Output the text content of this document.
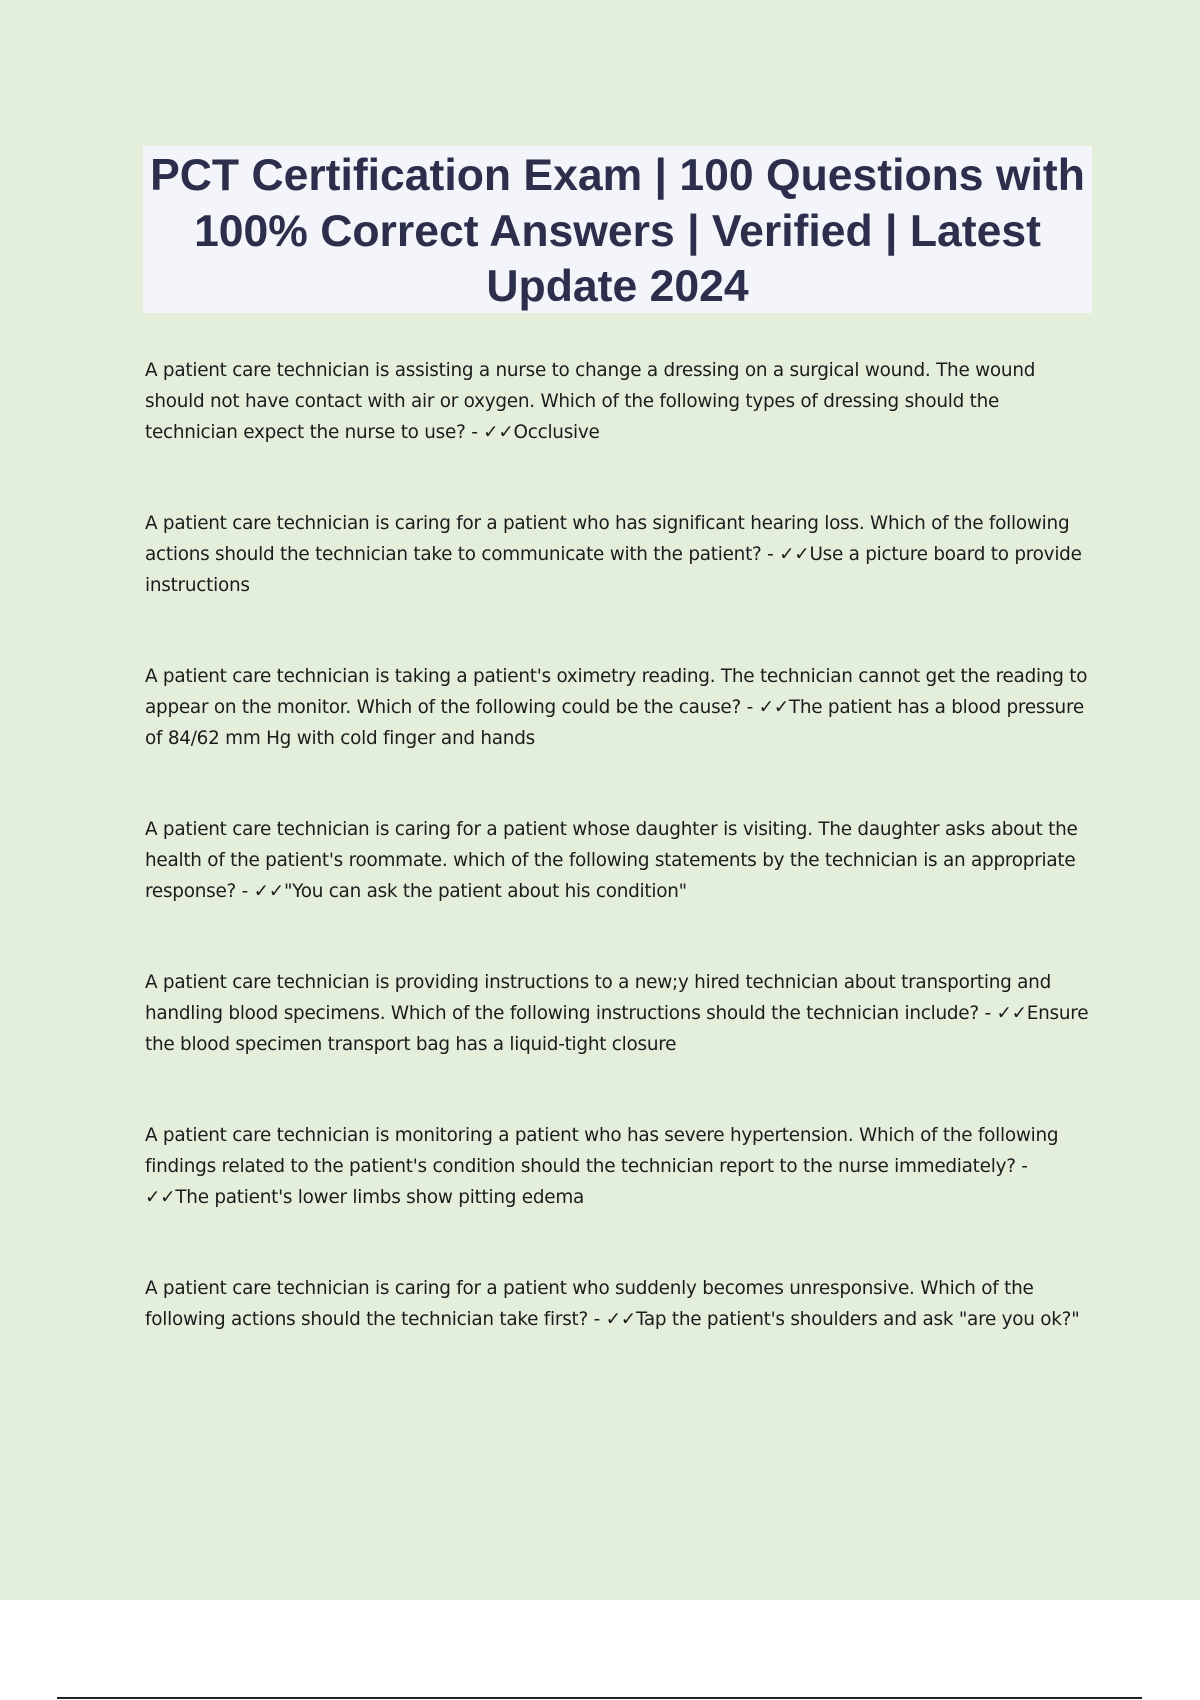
PCT Certification Exam | 100 Questions with 100% Correct Answers | Verified | Latest Update 2024

A patient care technician is assisting a nurse to change a dressing on a surgical wound. The wound should not have contact with air or oxygen. Which of the following types of dressing should the technician expect the nurse to use? - ✓✓Occlusive

A patient care technician is caring for a patient who has significant hearing loss. Which of the following actions should the technician take to communicate with the patient? - ✓✓Use a picture board to provide instructions

A patient care technician is taking a patient's oximetry reading. The technician cannot get the reading to appear on the monitor. Which of the following could be the cause? - ✓✓The patient has a blood pressure of 84/62 mm Hg with cold finger and hands

A patient care technician is caring for a patient whose daughter is visiting. The daughter asks about the health of the patient's roommate. which of the following statements by the technician is an appropriate response? - ✓✓"You can ask the patient about his condition"

A patient care technician is providing instructions to a new;y hired technician about transporting and handling blood specimens. Which of the following instructions should the technician include? - ✓✓Ensure the blood specimen transport bag has a liquid-tight closure

A patient care technician is monitoring a patient who has severe hypertension. Which of the following findings related to the patient's condition should the technician report to the nurse immediately? - ✓✓The patient's lower limbs show pitting edema

A patient care technician is caring for a patient who suddenly becomes unresponsive. Which of the following actions should the technician take first? - ✓✓Tap the patient's shoulders and ask "are you ok?"
